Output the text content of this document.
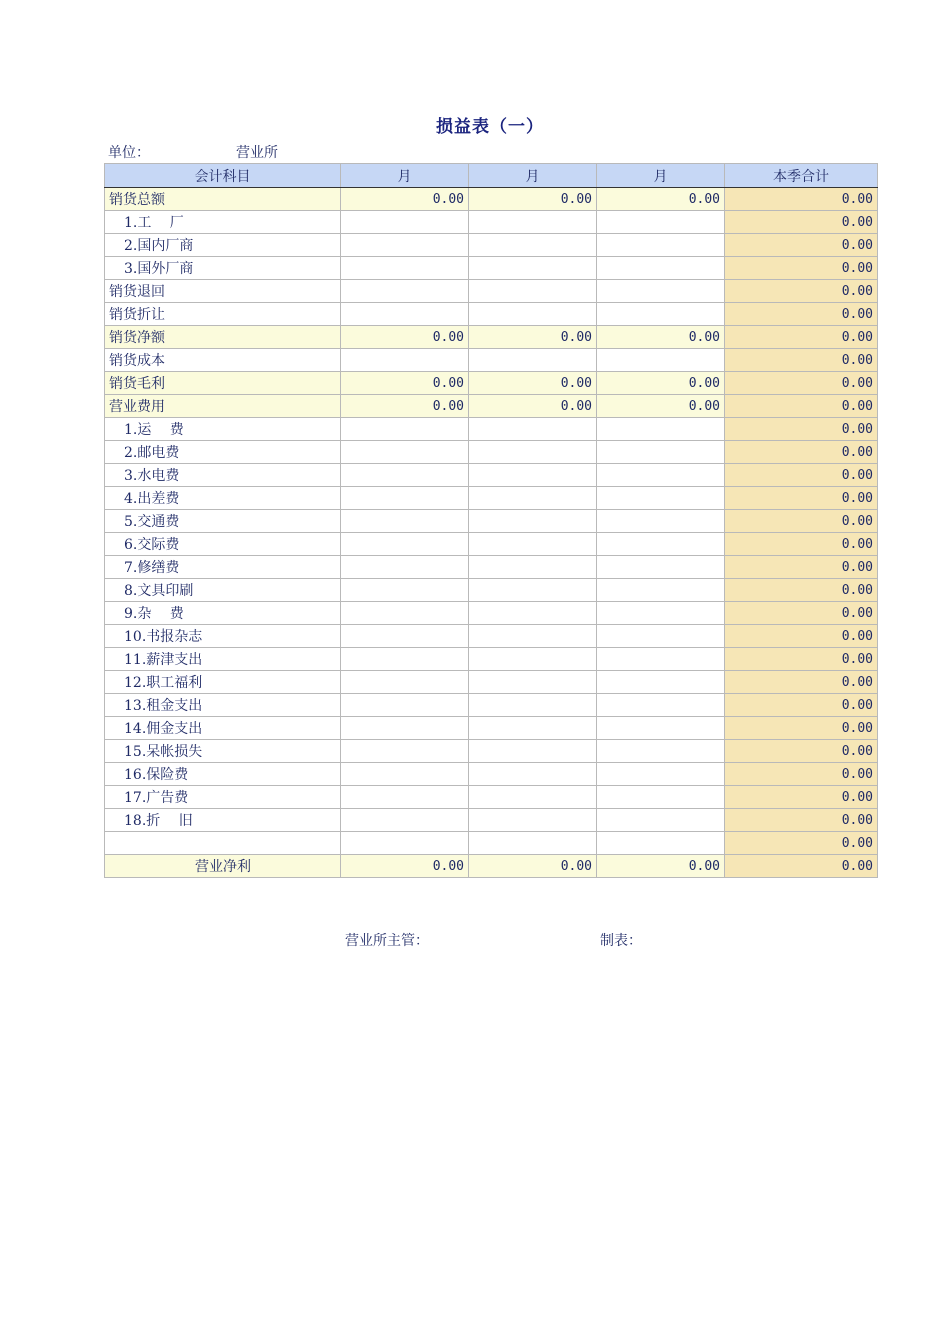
损益表（一）
单位：	营业所
会计科目	月	月	月	本季合计
销货总额	0.00	0.00	0.00	0.00
1.工　 厂				0.00
2.国内厂商				0.00
3.国外厂商				0.00
销货退回				0.00
销货折让				0.00
销货净额	0.00	0.00	0.00	0.00
销货成本				0.00
销货毛利	0.00	0.00	0.00	0.00
营业费用	0.00	0.00	0.00	0.00
1.运　 费				0.00
2.邮电费				0.00
3.水电费				0.00
4.出差费				0.00
5.交通费				0.00
6.交际费				0.00
7.修缮费				0.00
8.文具印刷				0.00
9.杂　 费				0.00
10.书报杂志				0.00
11.薪津支出				0.00
12.职工福利				0.00
13.租金支出				0.00
14.佣金支出				0.00
15.呆帐损失				0.00
16.保险费				0.00
17.广告费				0.00
18.折　 旧				0.00
				0.00
营业净利	0.00	0.00	0.00	0.00
营业所主管：	制表：
